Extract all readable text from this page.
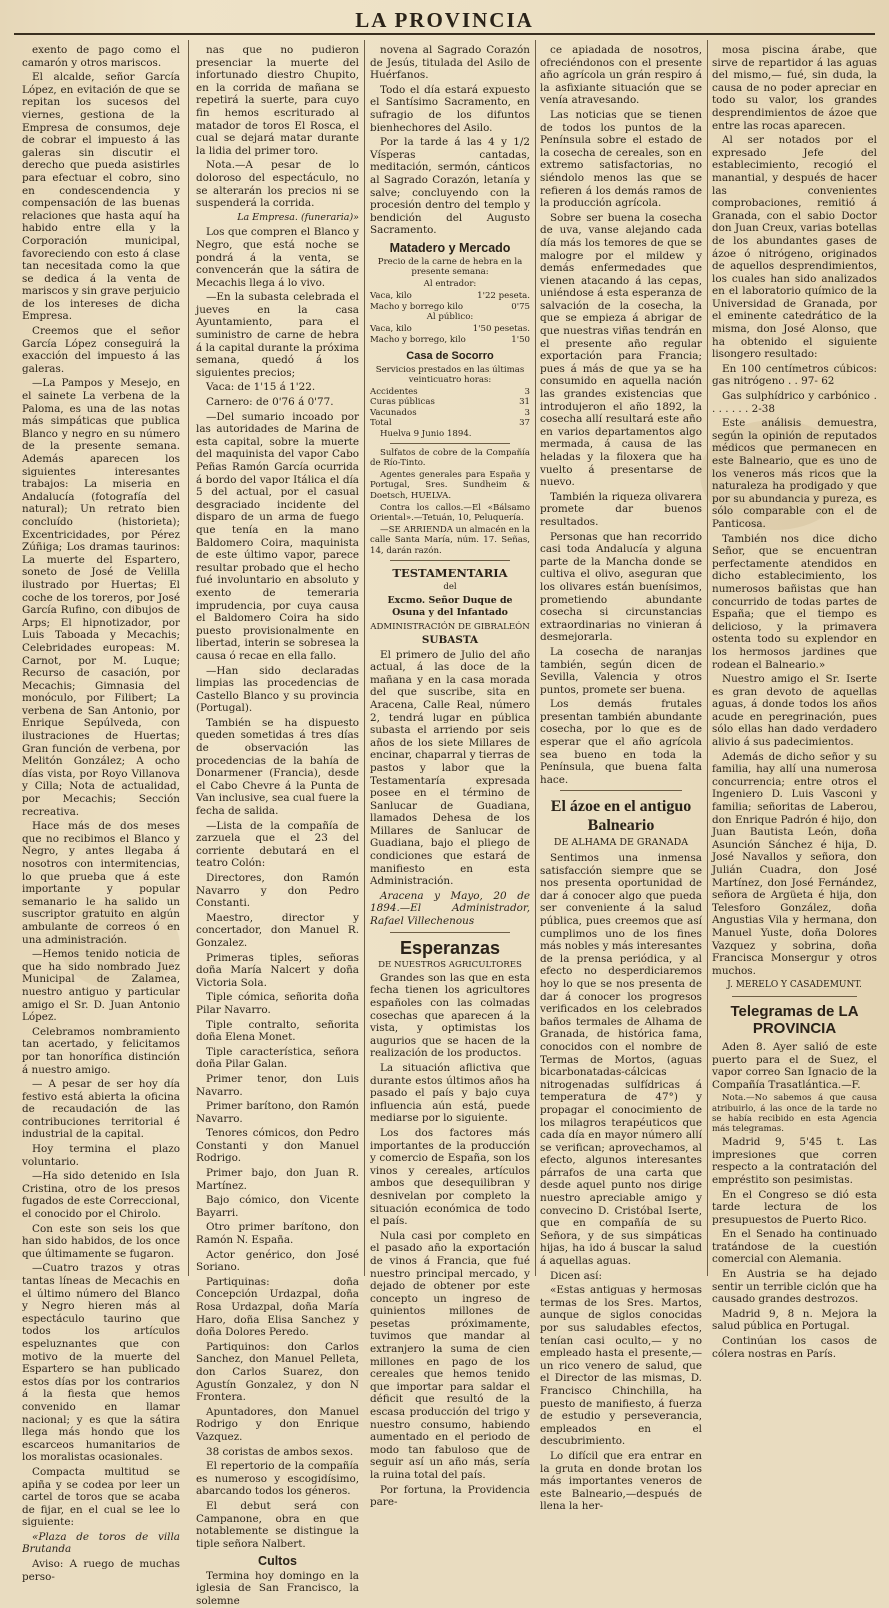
LA PROVINCIA

exento de pago como el camarón y otros mariscos.

El alcalde, señor García López, en evitación de que se repitan los sucesos del viernes, gestiona de la Empresa de consumos, deje de cobrar el impuesto á las galeras sin discutir el derecho que pueda asistirles para efectuar el cobro, sino en condescendencia y compensación de las buenas relaciones que hasta aquí ha habido entre ella y la Corporación municipal, favoreciendo con esto á clase tan necesitada como la que se dedica á la venta de mariscos y sin grave perjuicio de los intereses de dicha Empresa.

Creemos que el señor García López conseguirá la exacción del impuesto á las galeras.

—La Pampos y Mesejo, en el sainete La verbena de la Paloma, es una de las notas más simpáticas que publica Blanco y negro en su número de la presente semana. Además aparecen los siguientes interesantes trabajos: La miseria en Andalucía (fotografía del natural); Un retrato bien concluído (historieta); Excentricidades, por Pérez Zúñiga; Los dramas taurinos: La muerte del Espartero, soneto de José de Velilla ilustrado por Huertas; El coche de los toreros, por José García Rufino, con dibujos de Arps; El hipnotizador, por Luis Taboada y Mecachis; Celebridades europeas: M. Carnot, por M. Luque; Recurso de casación, por Mecachis; Gimnasia del monóculo, por Filibert; La verbena de San Antonio, por Enrique Sepúlveda, con ilustraciones de Huertas; Gran función de verbena, por Melitón González; A ocho días vista, por Royo Villanova y Cilla; Nota de actualidad, por Mecachis; Sección recreativa.

Hace más de dos meses que no recibimos el Blanco y Negro, y antes llegaba á nosotros con intermitencias, lo que prueba que á este importante y popular semanario le ha salido un suscriptor gratuito en algún ambulante de correos ó en una administración.

—Hemos tenido noticia de que ha sido nombrado Juez Municipal de Zalamea, nuestro antiguo y particular amigo el Sr. D. Juan Antonio López.

Celebramos nombramiento tan acertado, y felicitamos por tan honorífica distinción á nuestro amigo.

— A pesar de ser hoy día festivo está abierta la oficina de recaudación de las contribuciones territorial é industrial de la capital.

Hoy termina el plazo voluntario.

—Ha sido detenido en Isla Cristina, otro de los presos fugados de este Correccional, el conocido por el Chirolo.

Con este son seis los que han sido habidos, de los once que últimamente se fugaron.

—Cuatro trazos y otras tantas líneas de Mecachis en el último número del Blanco y Negro hieren más al espectáculo taurino que todos los artículos espeluznantes que con motivo de la muerte del Espartero se han publicado estos días por los contrarios á la fiesta que hemos convenido en llamar nacional; y es que la sátira llega más hondo que los escarceos humanitarios de los moralistas ocasionales.

Compacta multitud se apiña y se codea por leer un cartel de toros que se acaba de fijar, en el cual se lee lo siguiente:

«Plaza de toros de villa Brutanda

Aviso: A ruego de muchas perso-

nas que no pudieron presenciar la muerte del infortunado diestro Chupito, en la corrida de mañana se repetirá la suerte, para cuyo fin hemos escriturado al matador de toros El Rosca, el cual se dejará matar durante la lidia del primer toro.

Nota.—A pesar de lo doloroso del espectáculo, no se alterarán los precios ni se suspenderá la corrida.

La Empresa. (funeraria)»

Los que compren el Blanco y Negro, que está noche se pondrá á la venta, se convencerán que la sátira de Mecachis llega á lo vivo.

—En la subasta celebrada el jueves en la casa Ayuntamiento, para el suministro de carne de hebra á la capital durante la próxima semana, quedó á los siguientes precios;

Vaca: de 1'15 á 1'22.

Carnero: de 0'76 á 0'77.

—Del sumario incoado por las autoridades de Marina de esta capital, sobre la muerte del maquinista del vapor Cabo Peñas Ramón García ocurrida á bordo del vapor Itálica el día 5 del actual, por el casual desgraciado incidente del disparo de un arma de fuego que tenía en la mano Baldomero Coira, maquinista de este último vapor, parece resultar probado que el hecho fué involuntario en absoluto y exento de temeraria imprudencia, por cuya causa el Baldomero Coira ha sido puesto provisionalmente en libertad, interin se sobresea la causa ó recae en ella fallo.

—Han sido declaradas limpias las procedencias de Castello Blanco y su provincia (Portugal).

También se ha dispuesto queden sometidas á tres días de observación las procedencias de la bahía de Donarmener (Francia), desde el Cabo Chevre á la Punta de Van inclusive, sea cual fuere la fecha de salida.

—Lista de la compañía de zarzuela que el 23 del corriente debutará en el teatro Colón:

Directores, don Ramón Navarro y don Pedro Constanti.

Maestro, director y concertador, don Manuel R. Gonzalez.

Primeras tiples, señoras doña María Nalcert y doña Victoria Sola.

Tiple cómica, señorita doña Pilar Navarro.

Tiple contralto, señorita doña Elena Monet.

Tiple característica, señora doña Pilar Galan.

Primer tenor, don Luis Navarro.

Primer barítono, don Ramón Navarro.

Tenores cómicos, don Pedro Constanti y don Manuel Rodrigo.

Primer bajo, don Juan R. Martínez.

Bajo cómico, don Vicente Bayarri.

Otro primer barítono, don Ramón N. España.

Actor genérico, don José Soriano.

Partiquinas: doña Concepción Urdazpal, doña Rosa Urdazpal, doña María Haro, doña Elisa Sanchez y doña Dolores Peredo.

Partiquinos: don Carlos Sanchez, don Manuel Pelleta, don Carlos Suarez, don Agustín Gonzalez, y don N Frontera.

Apuntadores, don Manuel Rodrigo y don Enrique Vazquez.

38 coristas de ambos sexos.

El repertorio de la compañía es numeroso y escogidísimo, abarcando todos los géneros.

El debut será con Campanone, obra en que notablemente se distingue la tiple señora Nalbert.

Cultos

Termina hoy domingo en la iglesia de San Francisco, la solemne

novena al Sagrado Corazón de Jesús, titulada del Asilo de Huérfanos.

Todo el día estará expuesto el Santísimo Sacramento, en sufragio de los difuntos bienhechores del Asilo.

Por la tarde á las 4 y 1/2 Vísperas cantadas, meditación, sermón, cánticos al Sagrado Corazón, letanía y salve; concluyendo con la procesión dentro del templo y bendición del Augusto Sacramento.

Matadero y Mercado

Precio de la carne de hebra en la presente semana:

Al entrador:

Vaca, kilo	1'22 peseta.
Macho y borrego kilo	0'75

Al público:

Vaca, kilo	1'50 pesetas.
Macho y borrego, kilo	1'50
Casa de Socorro

Servicios prestados en las últimas veinticuatro horas:

Accidentes	3
Curas públicas	31
Vacunados	3
Total	37

Huelva 9 Junio 1894.

Sulfatos de cobre de la Compañía de Río-Tinto.

Agentes generales para España y Portugal, Sres. Sundheim & Doetsch, HUELVA.

Contra los callos.—El «Bálsamo Oriental».—Tetuán, 10, Peluquería.

—SE ARRIENDA un almacén en la calle Santa María, núm. 17. Señas, 14, darán razón.

TESTAMENTARIA

del

Excmo. Señor Duque de Osuna y del Infantado

ADMINISTRACIÓN DE GIBRALEÓN

SUBASTA

El primero de Julio del año actual, á las doce de la mañana y en la casa morada del que suscribe, sita en Aracena, Calle Real, número 2, tendrá lugar en pública subasta el arriendo por seis años de los siete Millares de encinar, chaparral y tierras de pastos y labor que la Testamentaría expresada posee en el término de Sanlucar de Guadiana, llamados Dehesa de los Millares de Sanlucar de Guadiana, bajo el pliego de condiciones que estará de manifiesto en esta Administración.

Aracena y Mayo, 20 de 1894.—El Administrador, Rafael Villechenous

Esperanzas

DE NUESTROS AGRICULTORES

Grandes son las que en esta fecha tienen los agricultores españoles con las colmadas cosechas que aparecen á la vista, y optimistas los augurios que se hacen de la realización de los productos.

La situación aflictiva que durante estos últimos años ha pasado el país y bajo cuya influencia aún está, puede mediarse por lo siguiente.

Los dos factores más importantes de la producción y comercio de España, son los vinos y cereales, artículos ambos que desequilibran y desnivelan por completo la situación económica de todo el país.

Nula casi por completo en el pasado año la exportación de vinos á Francia, que fué nuestro principal mercado, y dejado de obtener por este concepto un ingreso de quinientos millones de pesetas próximamente, tuvimos que mandar al extranjero la suma de cien millones en pago de los cereales que hemos tenido que importar para saldar el déficit que resultó de la escasa producción del trigo y nuestro consumo, habiendo aumentado en el periodo de modo tan fabuloso que de seguir así un año más, sería la ruina total del país.

Por fortuna, la Providencia pare-

ce apiadada de nosotros, ofreciéndonos con el presente año agrícola un grán respiro á la asfixiante situación que se venía atravesando.

Las noticias que se tienen de todos los puntos de la Península sobre el estado de la cosecha de cereales, son en extremo satisfactorias, no siéndolo menos las que se refieren á los demás ramos de la producción agrícola.

Sobre ser buena la cosecha de uva, vanse alejando cada día más los temores de que se malogre por el mildew y demás enfermedades que vienen atacando á las cepas, uniéndose á esta esperanza de salvación de la cosecha, la que se empieza á abrigar de que nuestras viñas tendrán en el presente año regular exportación para Francia; pues á más de que ya se ha consumido en aquella nación las grandes existencias que introdujeron el año 1892, la cosecha allí resultará este año en varios departamentos algo mermada, á causa de las heladas y la filoxera que ha vuelto á presentarse de nuevo.

También la riqueza olivarera promete dar buenos resultados.

Personas que han recorrido casi toda Andalucía y alguna parte de la Mancha donde se cultiva el olivo, aseguran que los olivares están buenísimos, prometiendo abundante cosecha si circunstancias extraordinarias no vinieran á desmejorarla.

La cosecha de naranjas también, según dicen de Sevilla, Valencia y otros puntos, promete ser buena.

Los demás frutales presentan también abundante cosecha, por lo que es de esperar que el año agrícola sea bueno en toda la Península, que buena falta hace.

El ázoe en el antiguo Balneario

DE ALHAMA DE GRANADA

Sentimos una inmensa satisfacción siempre que se nos presenta oportunidad de dar á conocer algo que pueda ser conveniente á la salud pública, pues creemos que así cumplimos uno de los fines más nobles y más interesantes de la prensa periódica, y al efecto no desperdiciaremos hoy lo que se nos presenta de dar á conocer los progresos verificados en los celebrados baños termales de Alhama de Granada, de histórica fama, conocidos con el nombre de Termas de Mortos, (aguas bicarbonatadas-cálcicas nitrogenadas sulfídricas á temperatura de 47°) y propagar el conocimiento de los milagros terapéuticos que cada día en mayor número allí se verifican; aprovechamos, al efecto, algunos interesantes párrafos de una carta que desde aquel punto nos dirige nuestro apreciable amigo y convecino D. Cristóbal Iserte, que en compañía de su Señora, y de sus simpáticas hijas, ha ido á buscar la salud á aquellas aguas.

Dicen así:

«Estas antiguas y hermosas termas de los Sres. Martos, aunque de siglos conocidas por sus saludables efectos, tenían casi oculto,— y no empleado hasta el presente,— un rico venero de salud, que el Director de las mismas, D. Francisco Chinchilla, ha puesto de manifiesto, á fuerza de estudio y perseverancia, empleados en el descubrimiento.

Lo difícil que era entrar en la gruta en donde brotan los más importantes veneros de este Balneario,—después de llena la her-

mosa piscina árabe, que sirve de repartidor á las aguas del mismo,— fué, sin duda, la causa de no poder apreciar en todo su valor, los grandes desprendimientos de ázoe que entre las rocas aparecen.

Al ser notados por el expresado Jefe del establecimiento, recogió el manantial, y después de hacer las convenientes comprobaciones, remitió á Granada, con el sabio Doctor don Juan Creux, varias botellas de los abundantes gases de ázoe ó nitrógeno, originados de aquellos desprendimientos, los cuales han sido analizados en el laboratorio químico de la Universidad de Granada, por el eminente catedrático de la misma, don José Alonso, que ha obtenido el siguiente lisongero resultado:

En 100 centímetros cúbicos: gas nitrógeno . . 97- 62

Gas sulphídrico y carbónico . . . . . . . 2-38

Este análisis demuestra, según la opinión de reputados médicos que permanecen en este Balneario, que es uno de los veneros más ricos que la naturaleza ha prodigado y que por su abundancia y pureza, es sólo comparable con el de Panticosa.

También nos dice dicho Señor, que se encuentran perfectamente atendidos en dicho establecimiento, los numerosos bañistas que han concurrido de todas partes de España; que el tiempo es delicioso, y la primavera ostenta todo su explendor en los hermosos jardines que rodean el Balneario.»

Nuestro amigo el Sr. Iserte es gran devoto de aquellas aguas, á donde todos los años acude en peregrinación, pues sólo ellas han dado verdadero alivio á sus padecimientos.

Además de dicho señor y su familia, hay allí una numerosa concurrencia; entre otros el Ingeniero D. Luis Vasconi y familia; señoritas de Laberou, don Enrique Padrón é hijo, don Juan Bautista León, doña Asunción Sánchez é hija, D. José Navallos y señora, don Julián Cuadra, don José Martínez, don José Fernández, señora de Argüeta é hija, don Telesforo González, doña Angustias Vila y hermana, don Manuel Yuste, doña Dolores Vazquez y sobrina, doña Francisca Monsergur y otros muchos.

J. MERELO Y CASADEMUNT.

Telegramas de LA PROVINCIA

Aden 8. Ayer salió de este puerto para el de Suez, el vapor correo San Ignacio de la Compañía Trasatlántica.—F.

Nota.—No sabemos á que causa atribuirlo, á las once de la tarde no se había recibido en esta Agencia más telegramas.

Madrid 9, 5'45 t. Las impresiones que corren respecto a la contratación del empréstito son pesimistas.

En el Congreso se dió esta tarde lectura de los presupuestos de Puerto Rico.

En el Senado ha continuado tratándose de la cuestión comercial con Alemania.

En Austria se ha dejado sentir un terrible ciclón que ha causado grandes destrozos.

Madrid 9, 8 n. Mejora la salud pública en Portugal.

Continúan los casos de cólera nostras en París.
